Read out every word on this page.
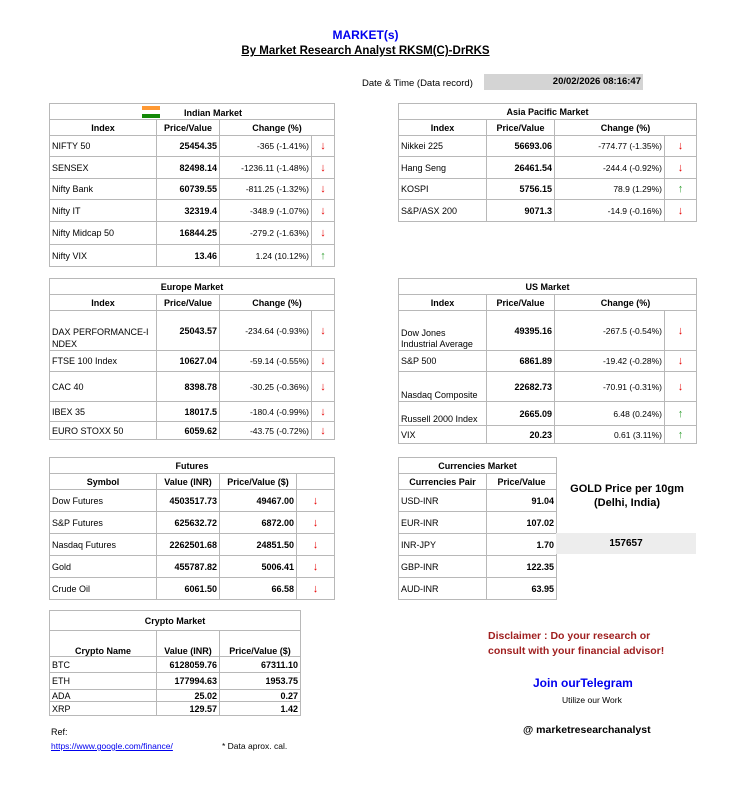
MARKET(s)
By Market Research Analyst RKSM(C)-DrRKS
Date & Time (Data record)	20/02/2026 08:16:47
Indian Market			
Index	Price/Value	Change (%)	
NIFTY 50	25454.35	-365 (-1.41%)	↓
SENSEX	82498.14	-1236.11 (-1.48%)	↓
Nifty Bank	60739.55	-811.25 (-1.32%)	↓
Nifty IT	32319.4	-348.9 (-1.07%)	↓
Nifty Midcap 50	16844.25	-279.2 (-1.63%)	↓
Nifty VIX	13.46	1.24 (10.12%)	↑
Asia Pacific Market			
Index	Price/Value	Change (%)	
Nikkei 225	56693.06	-774.77 (-1.35%)	↓
Hang Seng	26461.54	-244.4 (-0.92%)	↓
KOSPI	5756.15	78.9 (1.29%)	↑
S&P/ASX 200	9071.3	-14.9 (-0.16%)	↓
Europe Market			
Index	Price/Value	Change (%)	
DAX PERFORMANCE-INDEX	25043.57	-234.64 (-0.93%)	↓
FTSE 100 Index	10627.04	-59.14 (-0.55%)	↓
CAC 40	8398.78	-30.25 (-0.36%)	↓
IBEX 35	18017.5	-180.4 (-0.99%)	↓
EURO STOXX 50	6059.62	-43.75 (-0.72%)	↓
US Market			
Index	Price/Value	Change (%)	
Dow Jones Industrial Average	49395.16	-267.5 (-0.54%)	↓
S&P 500	6861.89	-19.42 (-0.28%)	↓
Nasdaq Composite	22682.73	-70.91 (-0.31%)	↓
Russell 2000 Index	2665.09	6.48 (0.24%)	↑
VIX	20.23	0.61 (3.11%)	↑
Futures			
Symbol	Value (INR)	Price/Value ($)	
Dow Futures	4503517.73	49467.00	↓
S&P Futures	625632.72	6872.00	↓
Nasdaq Futures	2262501.68	24851.50	↓
Gold	455787.82	5006.41	↓
Crude Oil	6061.50	66.58	↓
Currencies Market	
Currencies Pair	Price/Value
USD-INR	91.04
EUR-INR	107.02
INR-JPY	1.70
GBP-INR	122.35
AUD-INR	63.95
GOLD Price per 10gm
(Delhi, India)
157657
Crypto Market		
Crypto Name	Value (INR)	Price/Value ($)
BTC	6128059.76	67311.10
ETH	177994.63	1953.75
ADA	25.02	0.27
XRP	129.57	1.42
Disclaimer : Do your research or
consult with your financial advisor!
Join ourTelegram
Utilize our Work
@ marketresearchanalyst
Ref:
https://www.google.com/finance/	* Data aprox. cal.
